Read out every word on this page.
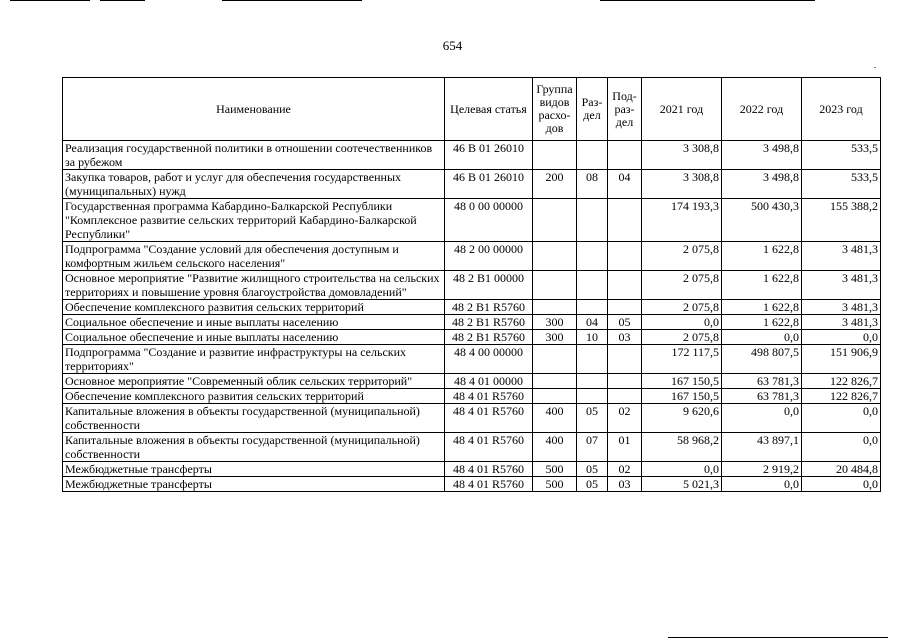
654
Наименование	Целевая статья	Группа видов расхо- дов	Раз- дел	Под- раз- дел	2021 год	2022 год	2023 год
Реализация государственной политики в отношении соотечественников за рубежом	46 В 01 26010				3 308,8	3 498,8	533,5
Закупка товаров, работ и услуг для обеспечения государственных (муниципальных) нужд	46 В 01 26010	200	08	04	3 308,8	3 498,8	533,5
Государственная программа Кабардино-Балкарской Республики "Комплексное развитие сельских территорий Кабардино-Балкарской Республики"	48 0 00 00000				174 193,3	500 430,3	155 388,2
Подпрограмма "Создание условий для обеспечения доступным и комфортным жильем сельского населения"	48 2 00 00000				2 075,8	1 622,8	3 481,3
Основное мероприятие "Развитие жилищного строительства на сельских территориях и повышение уровня благоустройства домовладений"	48 2 В1 00000				2 075,8	1 622,8	3 481,3
Обеспечение комплексного развития сельских территорий	48 2 В1 R5760				2 075,8	1 622,8	3 481,3
Социальное обеспечение и иные выплаты населению	48 2 В1 R5760	300	04	05	0,0	1 622,8	3 481,3
Социальное обеспечение и иные выплаты населению	48 2 В1 R5760	300	10	03	2 075,8	0,0	0,0
Подпрограмма "Создание и развитие инфраструктуры на сельских территориях"	48 4 00 00000				172 117,5	498 807,5	151 906,9
Основное мероприятие "Современный облик сельских территорий"	48 4 01 00000				167 150,5	63 781,3	122 826,7
Обеспечение комплексного развития сельских территорий	48 4 01 R5760				167 150,5	63 781,3	122 826,7
Капитальные вложения в объекты государственной (муниципальной) собственности	48 4 01 R5760	400	05	02	9 620,6	0,0	0,0
Капитальные вложения в объекты государственной (муниципальной) собственности	48 4 01 R5760	400	07	01	58 968,2	43 897,1	0,0
Межбюджетные трансферты	48 4 01 R5760	500	05	02	0,0	2 919,2	20 484,8
Межбюджетные трансферты	48 4 01 R5760	500	05	03	5 021,3	0,0	0,0
